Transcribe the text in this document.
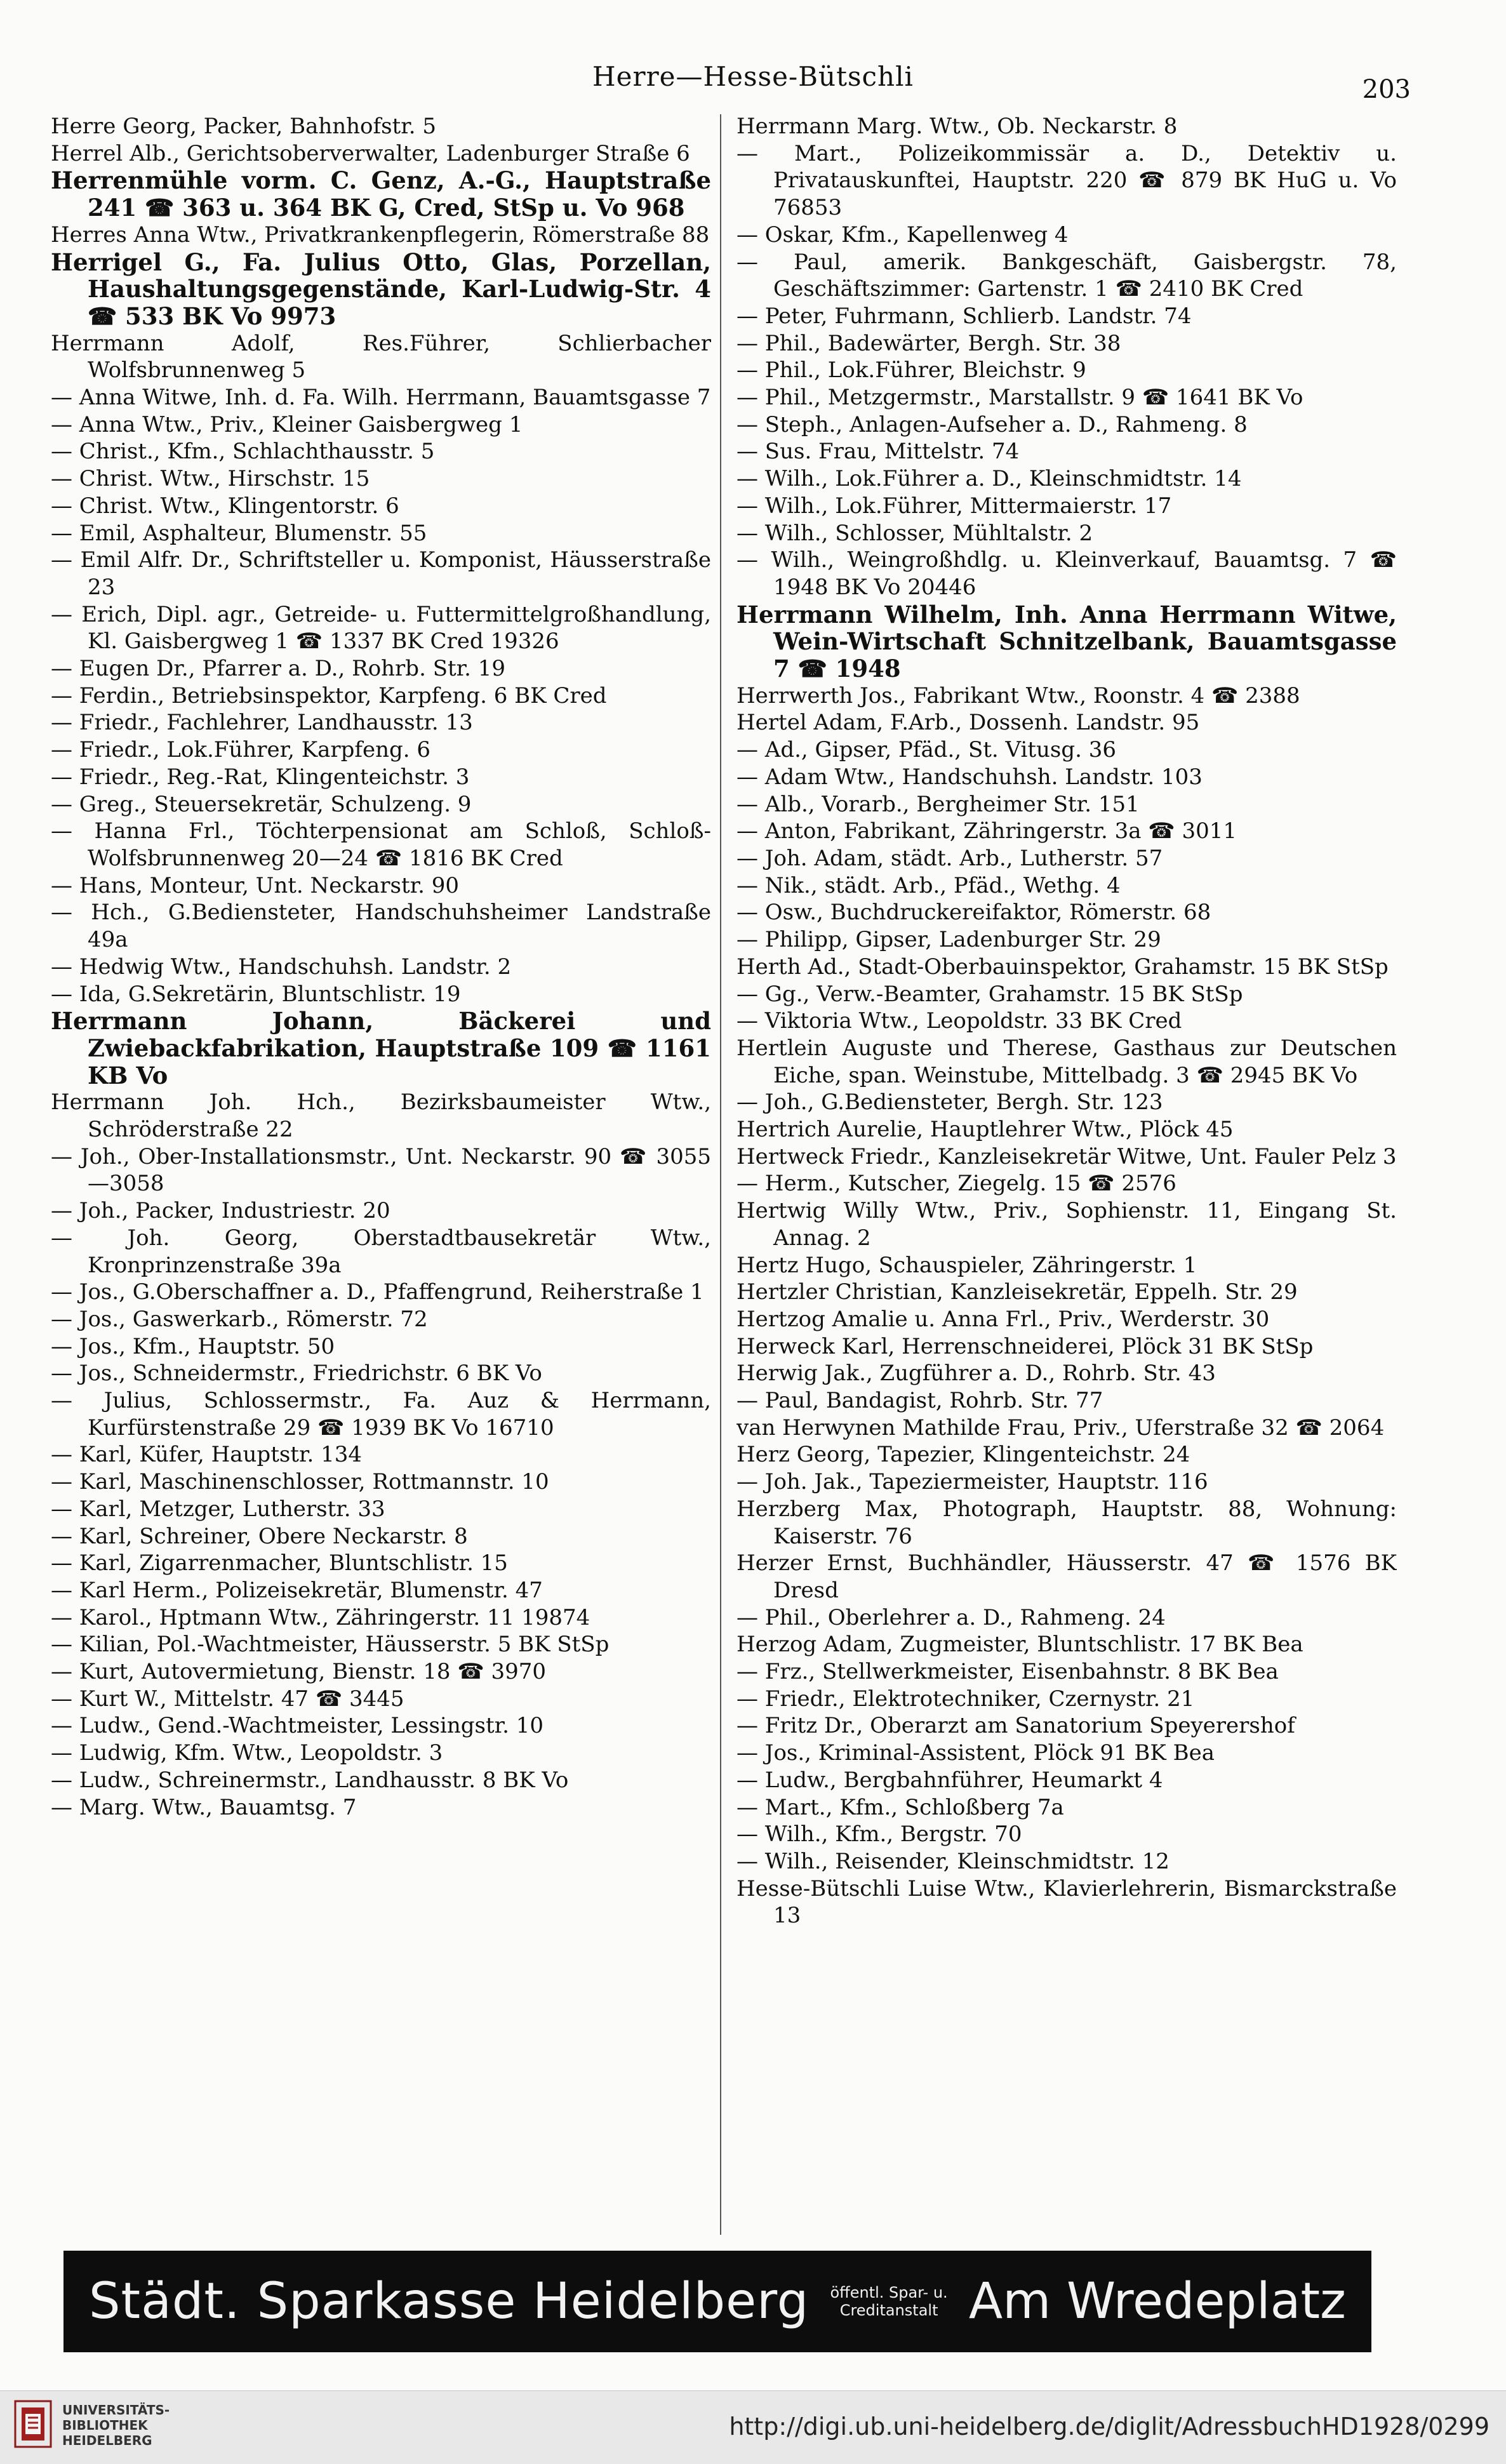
Herre—Hesse-Bütschli	203
Herre Georg, Packer, Bahnhofstr. 5
Herrel Alb., Gerichtsoberverwalter, Ladenburger Straße 6
Herrenmühle vorm. C. Genz, A.-G., Hauptstraße 241 ☎ 363 u. 364 BK G, Cred, StSp u. Vo 968
Herres Anna Wtw., Privatkrankenpflegerin, Römerstraße 88
Herrigel G., Fa. Julius Otto, Glas, Porzellan, Haushaltungsgegenstände, Karl-Ludwig-Str. 4 ☎ 533 BK Vo 9973
Herrmann Adolf, Res.Führer, Schlierbacher Wolfsbrunnenweg 5
— Anna Witwe, Inh. d. Fa. Wilh. Herrmann, Bauamtsgasse 7
— Anna Wtw., Priv., Kleiner Gaisbergweg 1
— Christ., Kfm., Schlachthausstr. 5
— Christ. Wtw., Hirschstr. 15
— Christ. Wtw., Klingentorstr. 6
— Emil, Asphalteur, Blumenstr. 55
— Emil Alfr. Dr., Schriftsteller u. Komponist, Häusserstraße 23
— Erich, Dipl. agr., Getreide- u. Futtermittelgroßhandlung, Kl. Gaisbergweg 1 ☎ 1337 BK Cred 19326
— Eugen Dr., Pfarrer a. D., Rohrb. Str. 19
— Ferdin., Betriebsinspektor, Karpfeng. 6 BK Cred
— Friedr., Fachlehrer, Landhausstr. 13
— Friedr., Lok.Führer, Karpfeng. 6
— Friedr., Reg.-Rat, Klingenteichstr. 3
— Greg., Steuersekretär, Schulzeng. 9
— Hanna Frl., Töchterpensionat am Schloß, Schloß-Wolfsbrunnenweg 20—24 ☎ 1816 BK Cred
— Hans, Monteur, Unt. Neckarstr. 90
— Hch., G.Bediensteter, Handschuhsheimer Landstraße 49a
— Hedwig Wtw., Handschuhsh. Landstr. 2
— Ida, G.Sekretärin, Bluntschlistr. 19
Herrmann Johann, Bäckerei und Zwiebackfabrikation, Hauptstraße 109 ☎ 1161 KB Vo
Herrmann Joh. Hch., Bezirksbaumeister Wtw., Schröderstraße 22
— Joh., Ober-Installationsmstr., Unt. Neckarstr. 90 ☎ 3055—3058
— Joh., Packer, Industriestr. 20
— Joh. Georg, Oberstadtbausekretär Wtw., Kronprinzenstraße 39a
— Jos., G.Oberschaffner a. D., Pfaffengrund, Reiherstraße 1
— Jos., Gaswerkarb., Römerstr. 72
— Jos., Kfm., Hauptstr. 50
— Jos., Schneidermstr., Friedrichstr. 6 BK Vo
— Julius, Schlossermstr., Fa. Auz & Herrmann, Kurfürstenstraße 29 ☎ 1939 BK Vo 16710
— Karl, Küfer, Hauptstr. 134
— Karl, Maschinenschlosser, Rottmannstr. 10
— Karl, Metzger, Lutherstr. 33
— Karl, Schreiner, Obere Neckarstr. 8
— Karl, Zigarrenmacher, Bluntschlistr. 15
— Karl Herm., Polizeisekretär, Blumenstr. 47
— Karol., Hptmann Wtw., Zähringerstr. 11 19874
— Kilian, Pol.-Wachtmeister, Häusserstr. 5 BK StSp
— Kurt, Autovermietung, Bienstr. 18 ☎ 3970
— Kurt W., Mittelstr. 47 ☎ 3445
— Ludw., Gend.-Wachtmeister, Lessingstr. 10
— Ludwig, Kfm. Wtw., Leopoldstr. 3
— Ludw., Schreinermstr., Landhausstr. 8 BK Vo
— Marg. Wtw., Bauamtsg. 7
Herrmann Marg. Wtw., Ob. Neckarstr. 8
— Mart., Polizeikommissär a. D., Detektiv u. Privatauskunftei, Hauptstr. 220 ☎ 879 BK HuG u. Vo 76853
— Oskar, Kfm., Kapellenweg 4
— Paul, amerik. Bankgeschäft, Gaisbergstr. 78, Geschäftszimmer: Gartenstr. 1 ☎ 2410 BK Cred
— Peter, Fuhrmann, Schlierb. Landstr. 74
— Phil., Badewärter, Bergh. Str. 38
— Phil., Lok.Führer, Bleichstr. 9
— Phil., Metzgermstr., Marstallstr. 9 ☎ 1641 BK Vo
— Steph., Anlagen-Aufseher a. D., Rahmeng. 8
— Sus. Frau, Mittelstr. 74
— Wilh., Lok.Führer a. D., Kleinschmidtstr. 14
— Wilh., Lok.Führer, Mittermaierstr. 17
— Wilh., Schlosser, Mühltalstr. 2
— Wilh., Weingroßhdlg. u. Kleinverkauf, Bauamtsg. 7 ☎ 1948 BK Vo 20446
Herrmann Wilhelm, Inh. Anna Herrmann Witwe, Wein-Wirtschaft Schnitzelbank, Bauamtsgasse 7 ☎ 1948
Herrwerth Jos., Fabrikant Wtw., Roonstr. 4 ☎ 2388
Hertel Adam, F.Arb., Dossenh. Landstr. 95
— Ad., Gipser, Pfäd., St. Vitusg. 36
— Adam Wtw., Handschuhsh. Landstr. 103
— Alb., Vorarb., Bergheimer Str. 151
— Anton, Fabrikant, Zähringerstr. 3a ☎ 3011
— Joh. Adam, städt. Arb., Lutherstr. 57
— Nik., städt. Arb., Pfäd., Wethg. 4
— Osw., Buchdruckereifaktor, Römerstr. 68
— Philipp, Gipser, Ladenburger Str. 29
Herth Ad., Stadt-Oberbauinspektor, Grahamstr. 15 BK StSp
— Gg., Verw.-Beamter, Grahamstr. 15 BK StSp
— Viktoria Wtw., Leopoldstr. 33 BK Cred
Hertlein Auguste und Therese, Gasthaus zur Deutschen Eiche, span. Weinstube, Mittelbadg. 3 ☎ 2945 BK Vo
— Joh., G.Bediensteter, Bergh. Str. 123
Hertrich Aurelie, Hauptlehrer Wtw., Plöck 45
Hertweck Friedr., Kanzleisekretär Witwe, Unt. Fauler Pelz 3
— Herm., Kutscher, Ziegelg. 15 ☎ 2576
Hertwig Willy Wtw., Priv., Sophienstr. 11, Eingang St. Annag. 2
Hertz Hugo, Schauspieler, Zähringerstr. 1
Hertzler Christian, Kanzleisekretär, Eppelh. Str. 29
Hertzog Amalie u. Anna Frl., Priv., Werderstr. 30
Herweck Karl, Herrenschneiderei, Plöck 31 BK StSp
Herwig Jak., Zugführer a. D., Rohrb. Str. 43
— Paul, Bandagist, Rohrb. Str. 77
van Herwynen Mathilde Frau, Priv., Uferstraße 32 ☎ 2064
Herz Georg, Tapezier, Klingenteichstr. 24
— Joh. Jak., Tapeziermeister, Hauptstr. 116
Herzberg Max, Photograph, Hauptstr. 88, Wohnung: Kaiserstr. 76
Herzer Ernst, Buchhändler, Häusserstr. 47 ☎ 1576 BK Dresd
— Phil., Oberlehrer a. D., Rahmeng. 24
Herzog Adam, Zugmeister, Bluntschlistr. 17 BK Bea
— Frz., Stellwerkmeister, Eisenbahnstr. 8 BK Bea
— Friedr., Elektrotechniker, Czernystr. 21
— Fritz Dr., Oberarzt am Sanatorium Speyerershof
— Jos., Kriminal-Assistent, Plöck 91 BK Bea
— Ludw., Bergbahnführer, Heumarkt 4
— Mart., Kfm., Schloßberg 7a
— Wilh., Kfm., Bergstr. 70
— Wilh., Reisender, Kleinschmidtstr. 12
Hesse-Bütschli Luise Wtw., Klavierlehrerin, Bismarckstraße 13
Städt. Sparkasse Heidelberg	öffentl. Spar- u. Creditanstalt Am Wredeplatz
UNIVERSITÄTS-
BIBLIOTHEK
HEIDELBERG	http://digi.ub.uni-heidelberg.de/diglit/AdressbuchHD1928/0299
